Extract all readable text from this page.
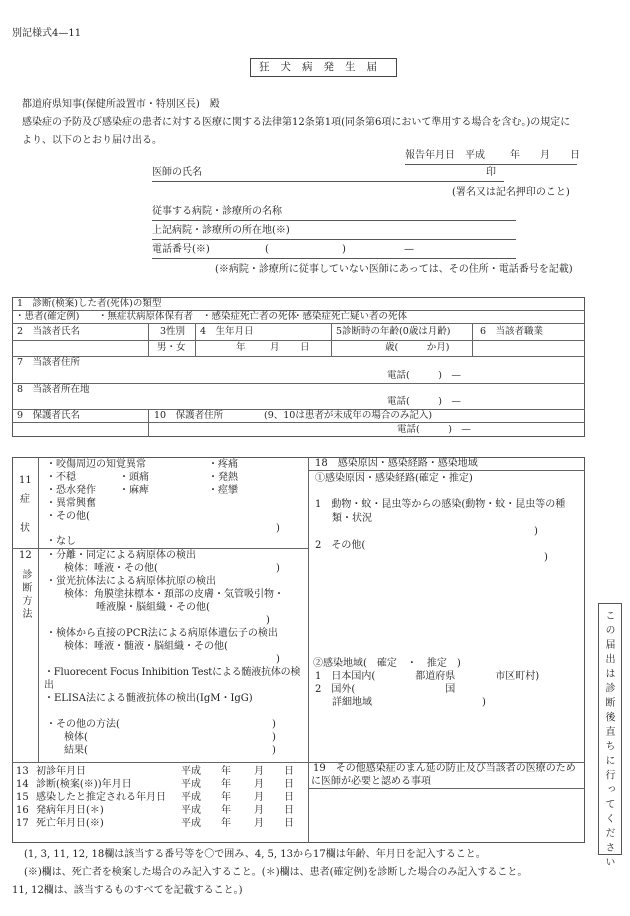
別記様式4—11
狂犬病発生届
都道府県知事(保健所設置市・特別区長)　殿
感染症の予防及び感染症の患者に対する医療に関する法律第12条第1項(同条第6項において準用する場合を含む。)の規定に
より、以下のとおり届け出る。
報告年月日 平成	年 月 日
医師の氏名	印
(署名又は記名押印のこと)
従事する病院・診療所の名称
上記病院・診療所の所在地(※)
電話番号(※)	(	)	—
(※病院・診療所に従事していない医師にあっては、その住所・電話番号を記載)
1　診断(検案)した者(死体)の類型
・患者(確定例) ・無症状病原体保有者 ・感染症死亡者の死体
・感染症死亡疑い者の死体
2　当該者氏名	3性別 4　生年月日	5診断時の年齢(0歳は月齢)	6　当該者職業
男・女	年	月 日	歳(　　　か月)
7　当該者住所
電話(　　　)　—
8　当該者所在地
電話(　　　)　—
9　保護者氏名	10　保護者住所	(9、10は患者が未成年の場合のみ記入)
電話(　　　)　—
11
症
状
・咬傷周辺の知覚異常	・疼痛
・不穏	・頭痛	・発熱
・恐水発作 ・麻痺	・痙攣
・異常興奮
・その他(
)
・なし
12
診断方法
・分離・同定による病原体の検出
検体：唾液・その他(	)
・蛍光抗体法による病原体抗原の検出
検体：角膜塗抹標本・頚部の皮膚・気管吸引物・
唾液腺・脳組織・その他(
)
・検体から直接のPCR法による病原体遺伝子の検出
検体：唾液・髄液・脳組織・その他(
)
・Fluorecent Focus Inhibition Testによる髄液抗体の検
出
・ELISA法による髄液抗体の検出(IgM・IgG)
・その他の方法(	)
検体(	)
結果(	)
18　感染原因・感染経路・感染地域
①感染原因・感染経路(確定・推定)
1　動物・蚊・昆虫等からの感染(動物・蚊・昆虫等の種
類・状況
)
2　その他(
)
②感染地域(　確定　・　推定　)
1　日本国内(　　　　都道府県　　　　市区町村)
2　国外(　　　　　　　　　国
詳細地域　　　　　　　　　　　)
13 初診年月日	平成 年 月 日
14 診断(検案(※))年月日	平成 年 月 日
15 感染したと推定される年月日 平成 年 月 日
16 発病年月日(＊)	平成 年 月 日
17 死亡年月日(※)	平成 年 月 日
19　その他感染症のまん延の防止及び当該者の医療のため
に医師が必要と認める事項	この届出は診断後直ちに行ってください
(1, 3, 11, 12, 18欄は該当する番号等を〇で囲み、4, 5, 13から17欄は年齢、年月日を記入すること。
(※)欄は、死亡者を検案した場合のみ記入すること。(＊)欄は、患者(確定例)を診断した場合のみ記入すること。
11, 12欄は、該当するものすべてを記載すること。)
